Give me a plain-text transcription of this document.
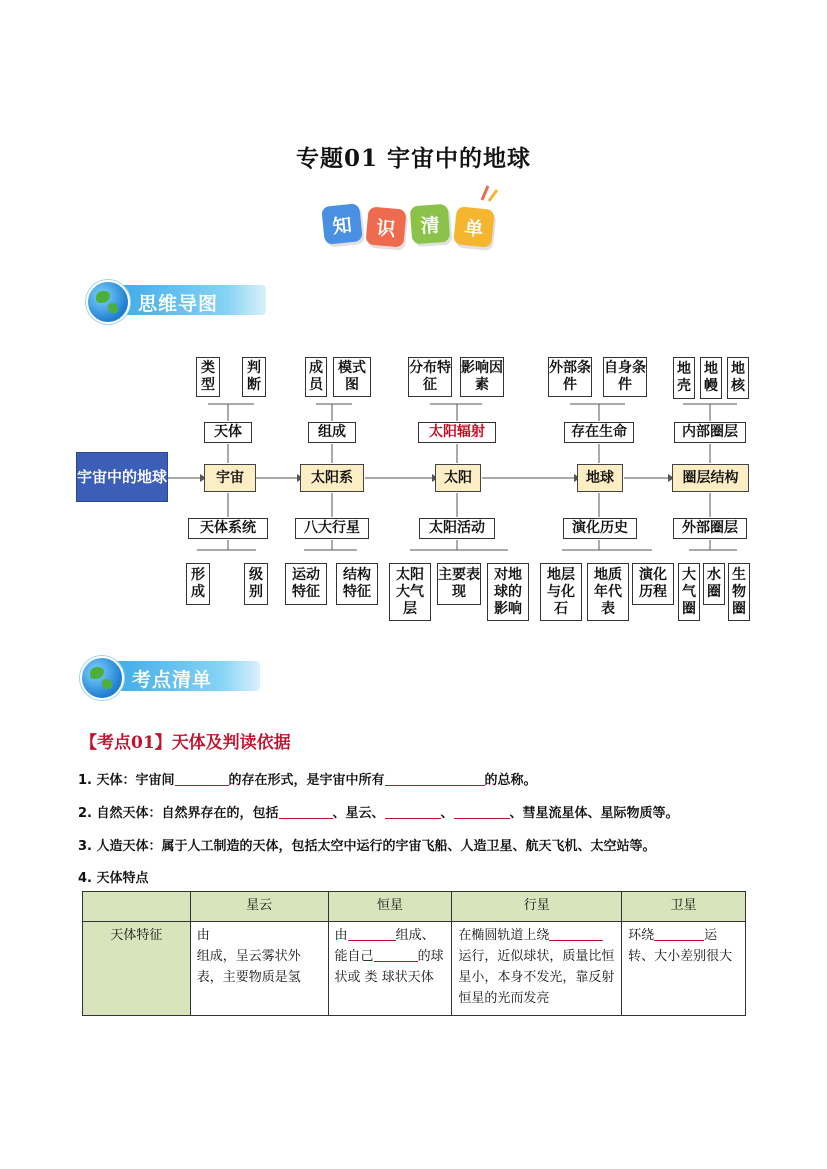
专题01 宇宙中的地球
知	识	清	单
思维导图
宇宙中的地球	宇宙	太阳系	太阳	地球	圈层结构
天体	组成	太阳辐射	存在生命	内部圈层
类型
判断
成员
模式图
分布特征
影响因素
外部条件
自身条件
地壳
地幔
地核
天体系统	八大行星	太阳活动	演化历史	外部圈层
形成
级别
运动特征
结构特征
太阳大气层
主要表现
对地球的影响
地层与化石
地质年代表
演化历程
大气圈
水圈
生物圈
考点清单
【考点01】天体及判读依据
1. 天体：宇宙间	的存在形式，是宇宙中所有	的总称。
2. 自然天体：自然界存在的，包括	、星云、	、	、彗星流星体、星际物质等。
3. 人造天体：属于人工制造的天体，包括太空中运行的宇宙飞船、人造卫星、航天飞机、太空站等。
4. 天体特点
	星云	恒星	行星	卫星
天体特征	由
组成，呈云雾状外表，主要物质是氢	由 组成、能自己 的球状或 类 球状天体	在椭圆轨道上绕运行，近似球状，质量比恒星小，本身不发光，靠反射恒星的光而发亮	环绕 运转、大小差别很大
